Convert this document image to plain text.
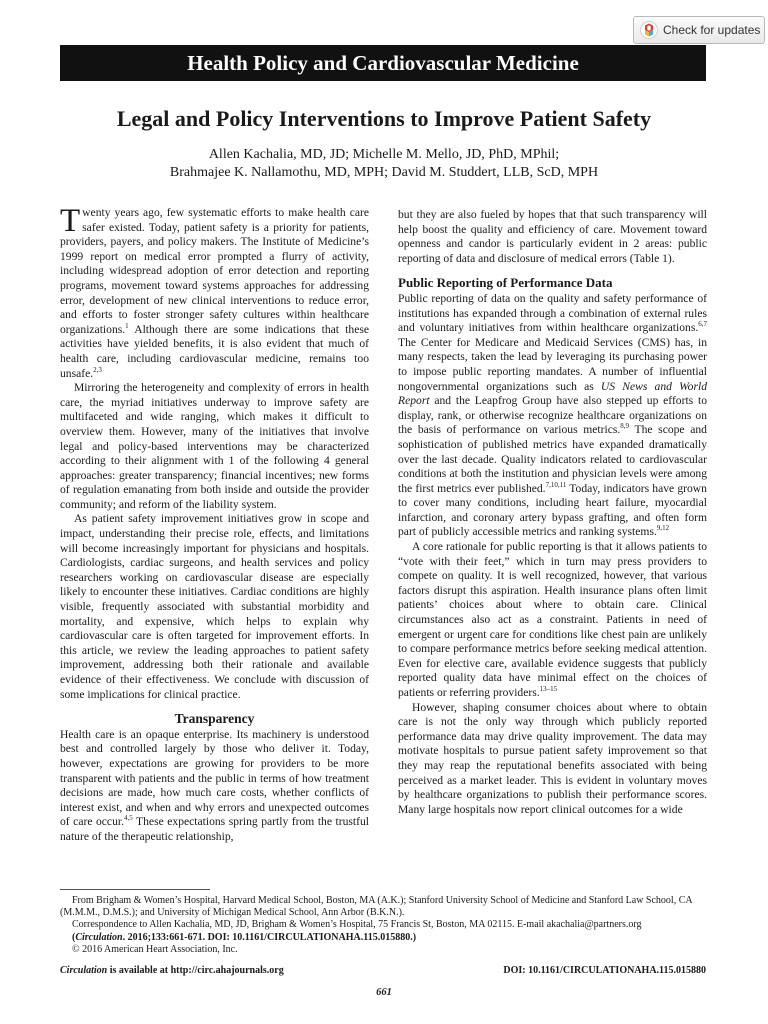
Check for updates
Health Policy and Cardiovascular Medicine
Legal and Policy Interventions to Improve Patient Safety
Allen Kachalia, MD, JD; Michelle M. Mello, JD, PhD, MPhil;
Brahmajee K. Nallamothu, MD, MPH; David M. Studdert, LLB, ScD, MPH

Twenty years ago, few systematic efforts to make health care safer existed. Today, patient safety is a priority for patients, providers, payers, and policy makers. The Institute of Medicine’s 1999 report on medical error prompted a flurry of activity, including widespread adoption of error detection and reporting programs, movement toward systems approaches for addressing error, development of new clinical interventions to reduce error, and efforts to foster stronger safety cultures within healthcare organizations.$^1$ Although there are some indications that these activities have yielded benefits, it is also evident that much of health care, including cardiovascular medicine, remains too unsafe.$^{2,3}$

Mirroring the heterogeneity and complexity of errors in health care, the myriad initiatives underway to improve safety are multifaceted and wide ranging, which makes it difficult to overview them. However, many of the initiatives that involve legal and policy-based interventions may be characterized according to their alignment with 1 of the following 4 general approaches: greater transparency; financial incentives; new forms of regulation emanating from both inside and outside the provider community; and reform of the liability system.

As patient safety improvement initiatives grow in scope and impact, understanding their precise role, effects, and limitations will become increasingly important for physicians and hospitals. Cardiologists, cardiac surgeons, and health services and policy researchers working on cardiovascular disease are especially likely to encounter these initiatives. Cardiac conditions are highly visible, frequently associated with substantial morbidity and mortality, and expensive, which helps to explain why cardiovascular care is often targeted for improvement efforts. In this article, we review the leading approaches to patient safety improvement, addressing both their rationale and available evidence of their effectiveness. We conclude with discussion of some implications for clinical practice.

Transparency

Health care is an opaque enterprise. Its machinery is understood best and controlled largely by those who deliver it. Today, however, expectations are growing for providers to be more transparent with patients and the public in terms of how treatment decisions are made, how much care costs, whether conflicts of interest exist, and when and why errors and unexpected outcomes of care occur.$^{4,5}$ These expectations spring partly from the trustful nature of the therapeutic relationship,

but they are also fueled by hopes that that such transparency will help boost the quality and efficiency of care. Movement toward openness and candor is particularly evident in 2 areas: public reporting of data and disclosure of medical errors (Table 1).

Public Reporting of Performance Data

Public reporting of data on the quality and safety performance of institutions has expanded through a combination of external rules and voluntary initiatives from within healthcare organizations.$^{6,7}$ The Center for Medicare and Medicaid Services (CMS) has, in many respects, taken the lead by leveraging its purchasing power to impose public reporting mandates. A number of influential nongovernmental organizations such as US News and World Report and the Leapfrog Group have also stepped up efforts to display, rank, or otherwise recognize healthcare organizations on the basis of performance on various metrics.$^{8,9}$ The scope and sophistication of published metrics have expanded dramatically over the last decade. Quality indicators related to cardiovascular conditions at both the institution and physician levels were among the first metrics ever published.$^{7,10,11}$ Today, indicators have grown to cover many conditions, including heart failure, myocardial infarction, and coronary artery bypass grafting, and often form part of publicly accessible metrics and ranking systems.$^{9,12}$

A core rationale for public reporting is that it allows patients to “vote with their feet,” which in turn may press providers to compete on quality. It is well recognized, however, that various factors disrupt this aspiration. Health insurance plans often limit patients’ choices about where to obtain care. Clinical circumstances also act as a constraint. Patients in need of emergent or urgent care for conditions like chest pain are unlikely to compare performance metrics before seeking medical attention. Even for elective care, available evidence suggests that publicly reported quality data have minimal effect on the choices of patients or referring providers.$^{13-15}$

However, shaping consumer choices about where to obtain care is not the only way through which publicly reported performance data may drive quality improvement. The data may motivate hospitals to pursue patient safety improvement so that they may reap the reputational benefits associated with being perceived as a market leader. This is evident in voluntary moves by healthcare organizations to publish their performance scores. Many large hospitals now report clinical outcomes for a wide

From Brigham & Women’s Hospital, Harvard Medical School, Boston, MA (A.K.); Stanford University School of Medicine and Stanford Law School, CA (M.M.M., D.M.S.); and University of Michigan Medical School, Ann Arbor (B.K.N.).

Correspondence to Allen Kachalia, MD, JD, Brigham & Women’s Hospital, 75 Francis St, Boston, MA 02115. E-mail akachalia@partners.org

(Circulation. 2016;133:661-671. DOI: 10.1161/CIRCULATIONAHA.115.015880.)

© 2016 American Heart Association, Inc.

Circulation is available at http://circ.ahajournals.org	DOI: 10.1161/CIRCULATIONAHA.115.015880
661
